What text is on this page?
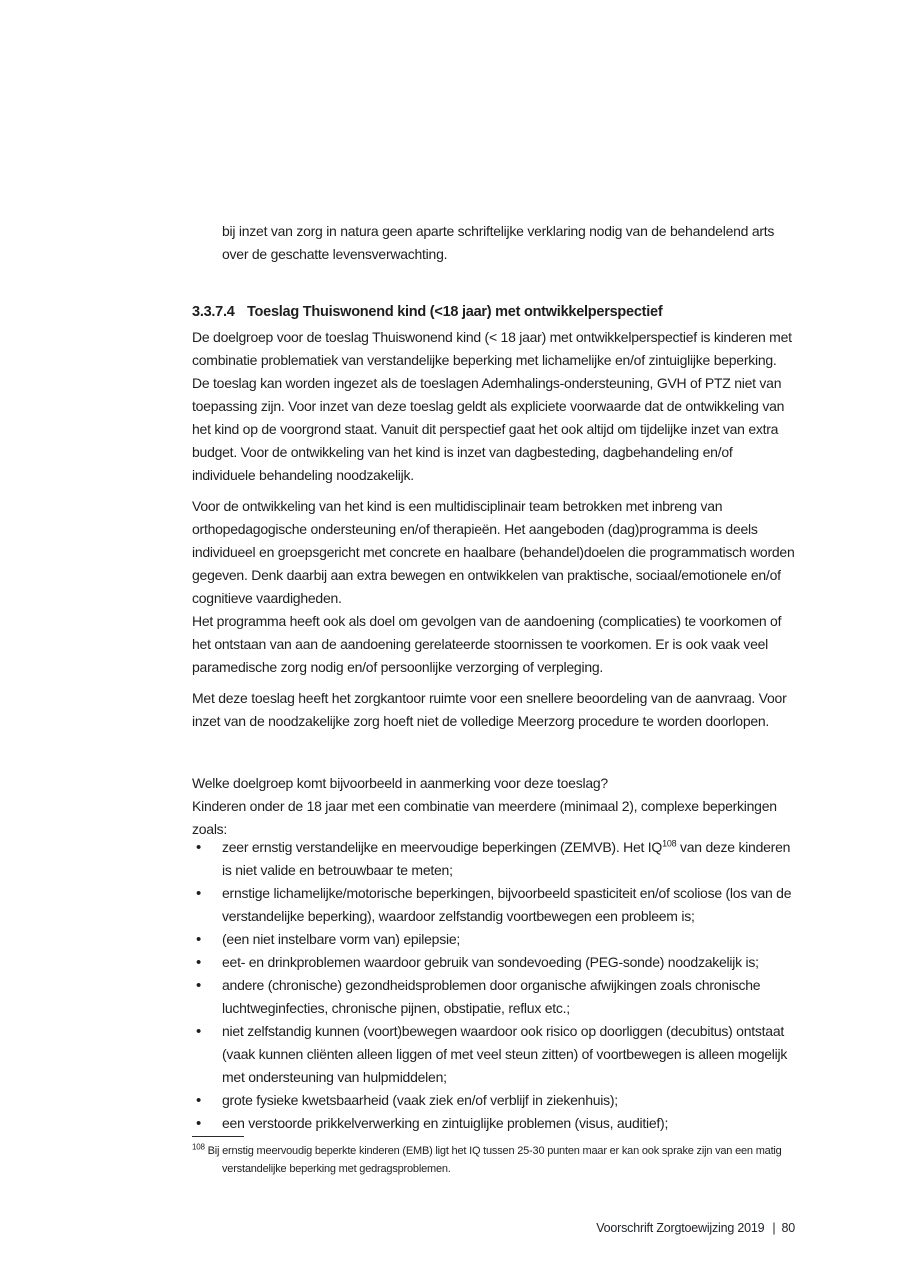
bij inzet van zorg in natura geen aparte schriftelijke verklaring nodig van de behandelend arts over de geschatte levensverwachting.

3.3.7.4 Toeslag Thuiswonend kind (<18 jaar) met ontwikkelperspectief

De doelgroep voor de toeslag Thuiswonend kind (< 18 jaar) met ontwikkelperspectief is kinderen met combinatie problematiek van verstandelijke beperking met lichamelijke en/of zintuiglijke beperking. De toeslag kan worden ingezet als de toeslagen Ademhalings-ondersteuning, GVH of PTZ niet van toepassing zijn. Voor inzet van deze toeslag geldt als expliciete voorwaarde dat de ontwikkeling van het kind op de voorgrond staat. Vanuit dit perspectief gaat het ook altijd om tijdelijke inzet van extra budget. Voor de ontwikkeling van het kind is inzet van dagbesteding, dagbehandeling en/of individuele behandeling noodzakelijk.

Voor de ontwikkeling van het kind is een multidisciplinair team betrokken met inbreng van orthopedagogische ondersteuning en/of therapieën. Het aangeboden (dag)programma is deels individueel en groepsgericht met concrete en haalbare (behandel)doelen die programmatisch worden gegeven. Denk daarbij aan extra bewegen en ontwikkelen van praktische, sociaal/emotionele en/of cognitieve vaardigheden.

Het programma heeft ook als doel om gevolgen van de aandoening (complicaties) te voorkomen of het ontstaan van aan de aandoening gerelateerde stoornissen te voorkomen. Er is ook vaak veel paramedische zorg nodig en/of persoonlijke verzorging of verpleging.

Met deze toeslag heeft het zorgkantoor ruimte voor een snellere beoordeling van de aanvraag. Voor inzet van de noodzakelijke zorg hoeft niet de volledige Meerzorg procedure te worden doorlopen.

Welke doelgroep komt bijvoorbeeld in aanmerking voor deze toeslag?

Kinderen onder de 18 jaar met een combinatie van meerdere (minimaal 2), complexe beperkingen zoals:

• zeer ernstig verstandelijke en meervoudige beperkingen (ZEMVB). Het IQ$^{108}$ van deze kinderen is niet valide en betrouwbaar te meten;
• ernstige lichamelijke/motorische beperkingen, bijvoorbeeld spasticiteit en/of scoliose (los van de verstandelijke beperking), waardoor zelfstandig voortbewegen een probleem is;
• (een niet instelbare vorm van) epilepsie;
• eet- en drinkproblemen waardoor gebruik van sondevoeding (PEG-sonde) noodzakelijk is;
• andere (chronische) gezondheidsproblemen door organische afwijkingen zoals chronische luchtweginfecties, chronische pijnen, obstipatie, reflux etc.;
• niet zelfstandig kunnen (voort)bewegen waardoor ook risico op doorliggen (decubitus) ontstaat (vaak kunnen cliënten alleen liggen of met veel steun zitten) of voortbewegen is alleen mogelijk met ondersteuning van hulpmiddelen;
• grote fysieke kwetsbaarheid (vaak ziek en/of verblijf in ziekenhuis);
• een verstoorde prikkelverwerking en zintuiglijke problemen (visus, auditief);

$^{108}$ Bij ernstig meervoudig beperkte kinderen (EMB) ligt het IQ tussen 25-30 punten maar er kan ook sprake zijn van een matig verstandelijke beperking met gedragsproblemen.

Voorschrift Zorgtoewijzing 2019 | 80
